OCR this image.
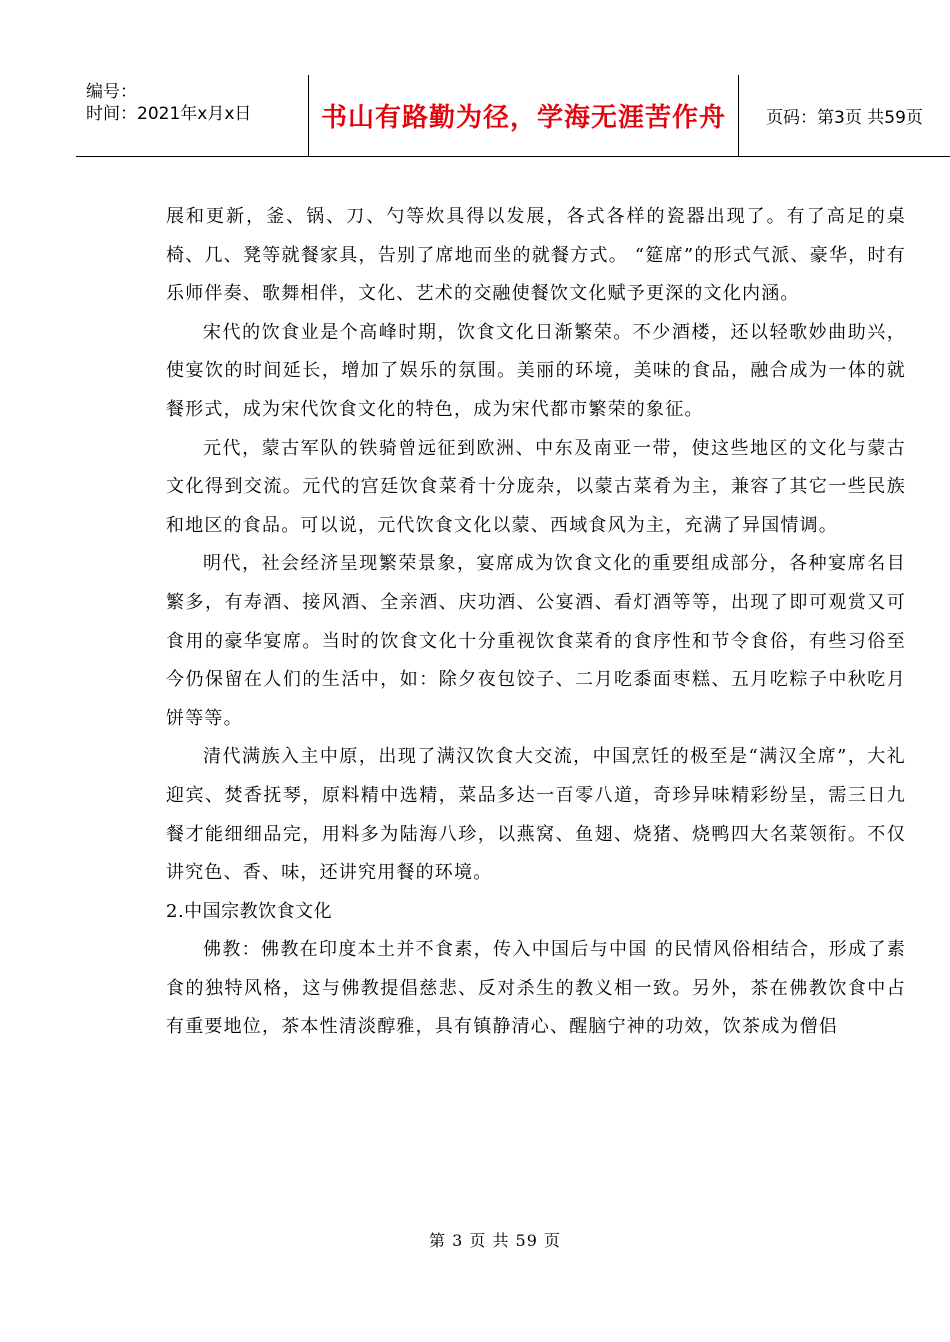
编号：
时间：2021年x月x日	书山有路勤为径，学海无涯苦作舟	页码：第3页 共59页

展和更新，釜、锅、刀、勺等炊具得以发展，各式各样的瓷器出现了。有了高足的桌椅、几、凳等就餐家具，告别了席地而坐的就餐方式。 “筵席”的形式气派、豪华，时有乐师伴奏、歌舞相伴，文化、艺术的交融使餐饮文化赋予更深的文化内涵。

宋代的饮食业是个高峰时期，饮食文化日渐繁荣。不少酒楼，还以轻歌妙曲助兴，使宴饮的时间延长，增加了娱乐的氛围。美丽的环境，美味的食品，融合成为一体的就餐形式，成为宋代饮食文化的特色，成为宋代都市繁荣的象征。

元代，蒙古军队的铁骑曾远征到欧洲、中东及南亚一带，使这些地区的文化与蒙古文化得到交流。元代的宫廷饮食菜肴十分庞杂，以蒙古菜肴为主，兼容了其它一些民族和地区的食品。可以说，元代饮食文化以蒙、西域食风为主，充满了异国情调。

明代，社会经济呈现繁荣景象，宴席成为饮食文化的重要组成部分，各种宴席名目繁多，有寿酒、接风酒、全亲酒、庆功酒、公宴酒、看灯酒等等，出现了即可观赏又可食用的豪华宴席。当时的饮食文化十分重视饮食菜肴的食序性和节令食俗，有些习俗至今仍保留在人们的生活中，如：除夕夜包饺子、二月吃黍面枣糕、五月吃粽子中秋吃月饼等等。

清代满族入主中原，出现了满汉饮食大交流，中国烹饪的极至是“满汉全席”，大礼迎宾、焚香抚琴，原料精中选精，菜品多达一百零八道，奇珍异味精彩纷呈，需三日九餐才能细细品完，用料多为陆海八珍，以燕窝、鱼翅、烧猪、烧鸭四大名菜领衔。不仅讲究色、香、味，还讲究用餐的环境。

2.中国宗教饮食文化

佛教：佛教在印度本土并不食素，传入中国后与中国 的民情风俗相结合，形成了素食的独特风格，这与佛教提倡慈悲、反对杀生的教义相一致。另外，茶在佛教饮食中占有重要地位，茶本性清淡醇雅，具有镇静清心、醒脑宁神的功效，饮茶成为僧侣

第 3 页 共 59 页
